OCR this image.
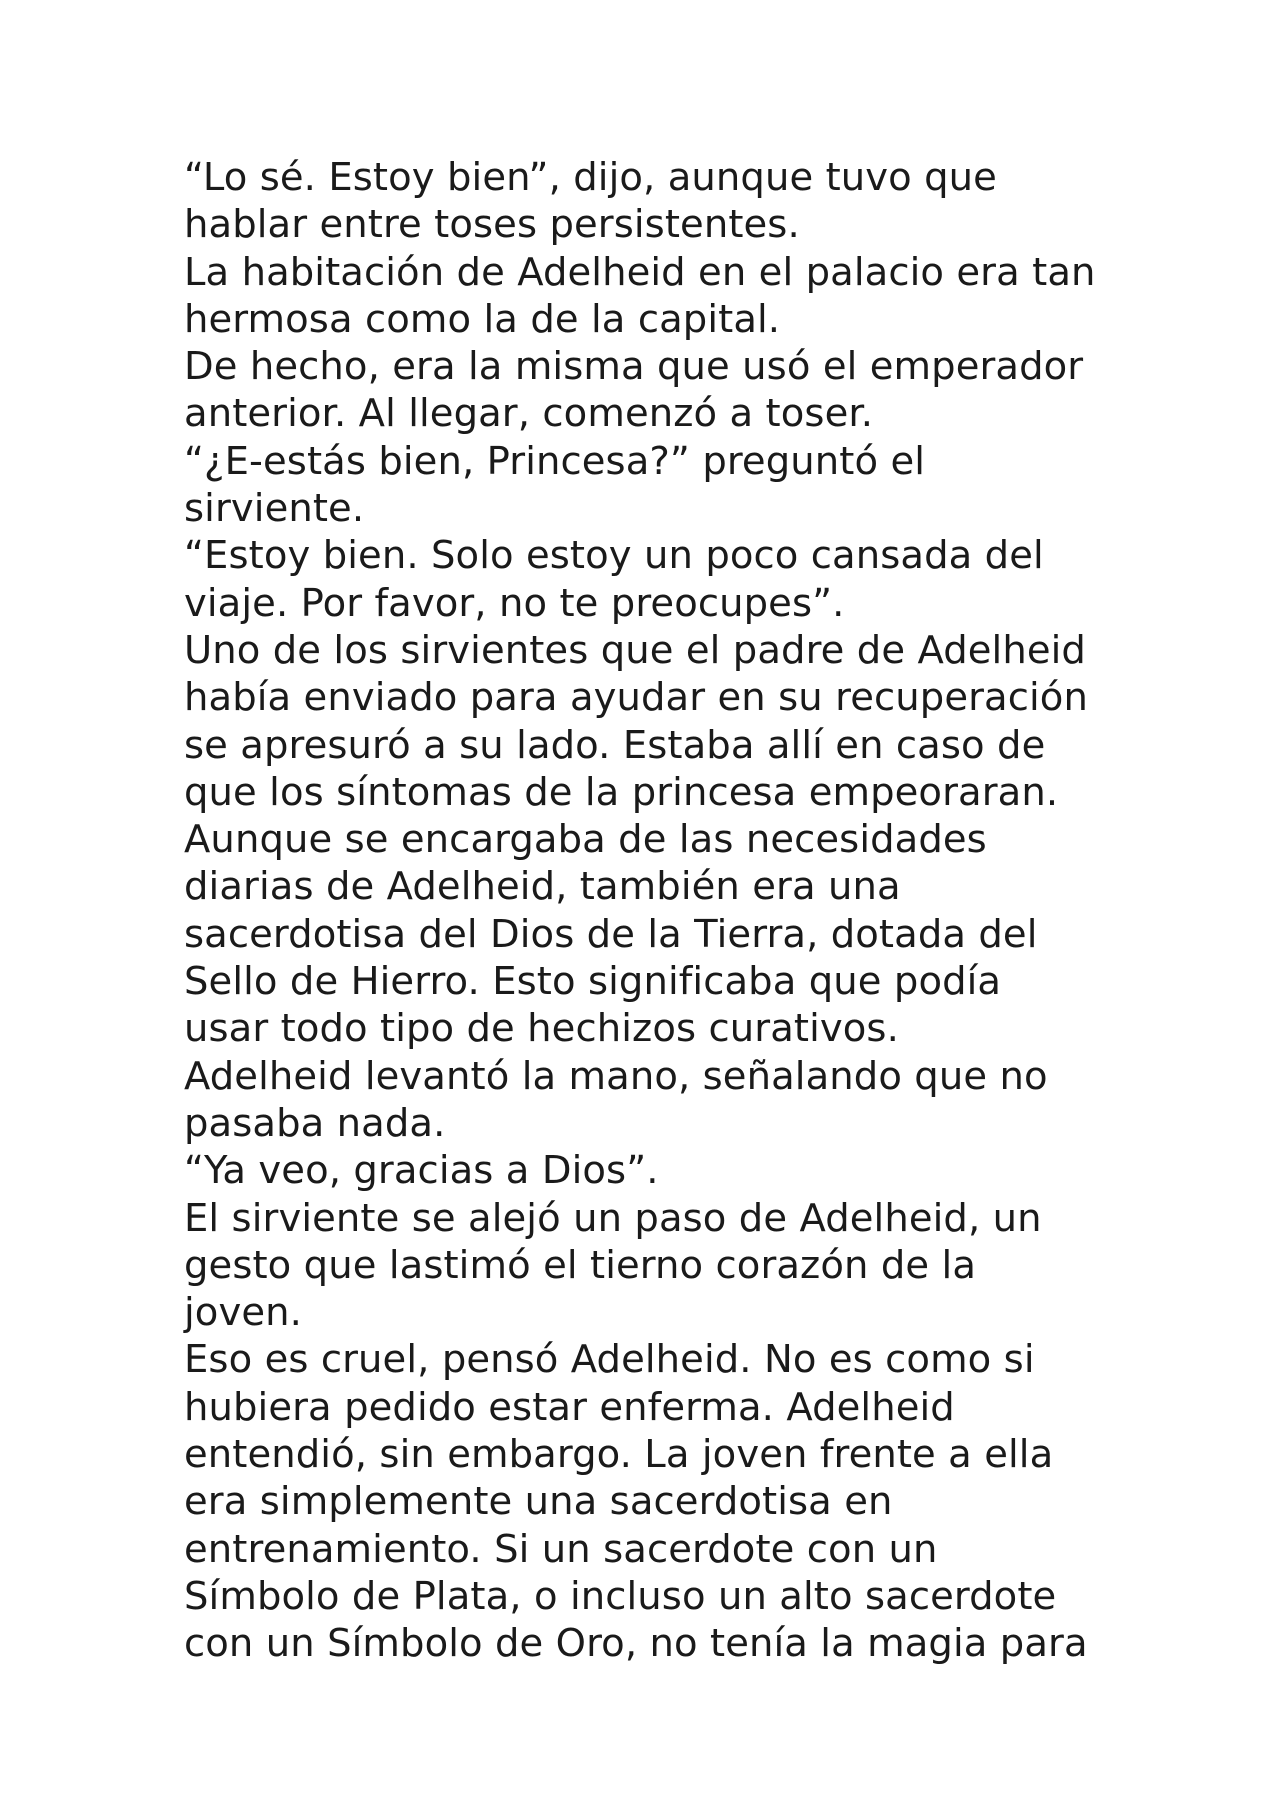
“Lo sé. Estoy bien”, dijo, aunque tuvo que
hablar entre toses persistentes.
La habitación de Adelheid en el palacio era tan
hermosa como la de la capital.
De hecho, era la misma que usó el emperador
anterior. Al llegar, comenzó a toser.
“¿E-estás bien, Princesa?” preguntó el
sirviente.
“Estoy bien. Solo estoy un poco cansada del
viaje. Por favor, no te preocupes”.
Uno de los sirvientes que el padre de Adelheid
había enviado para ayudar en su recuperación
se apresuró a su lado. Estaba allí en caso de
que los síntomas de la princesa empeoraran.
Aunque se encargaba de las necesidades
diarias de Adelheid, también era una
sacerdotisa del Dios de la Tierra, dotada del
Sello de Hierro. Esto significaba que podía
usar todo tipo de hechizos curativos.
Adelheid levantó la mano, señalando que no
pasaba nada.
“Ya veo, gracias a Dios”.
El sirviente se alejó un paso de Adelheid, un
gesto que lastimó el tierno corazón de la
joven.
Eso es cruel, pensó Adelheid. No es como si
hubiera pedido estar enferma. Adelheid
entendió, sin embargo. La joven frente a ella
era simplemente una sacerdotisa en
entrenamiento. Si un sacerdote con un
Símbolo de Plata, o incluso un alto sacerdote
con un Símbolo de Oro, no tenía la magia para
